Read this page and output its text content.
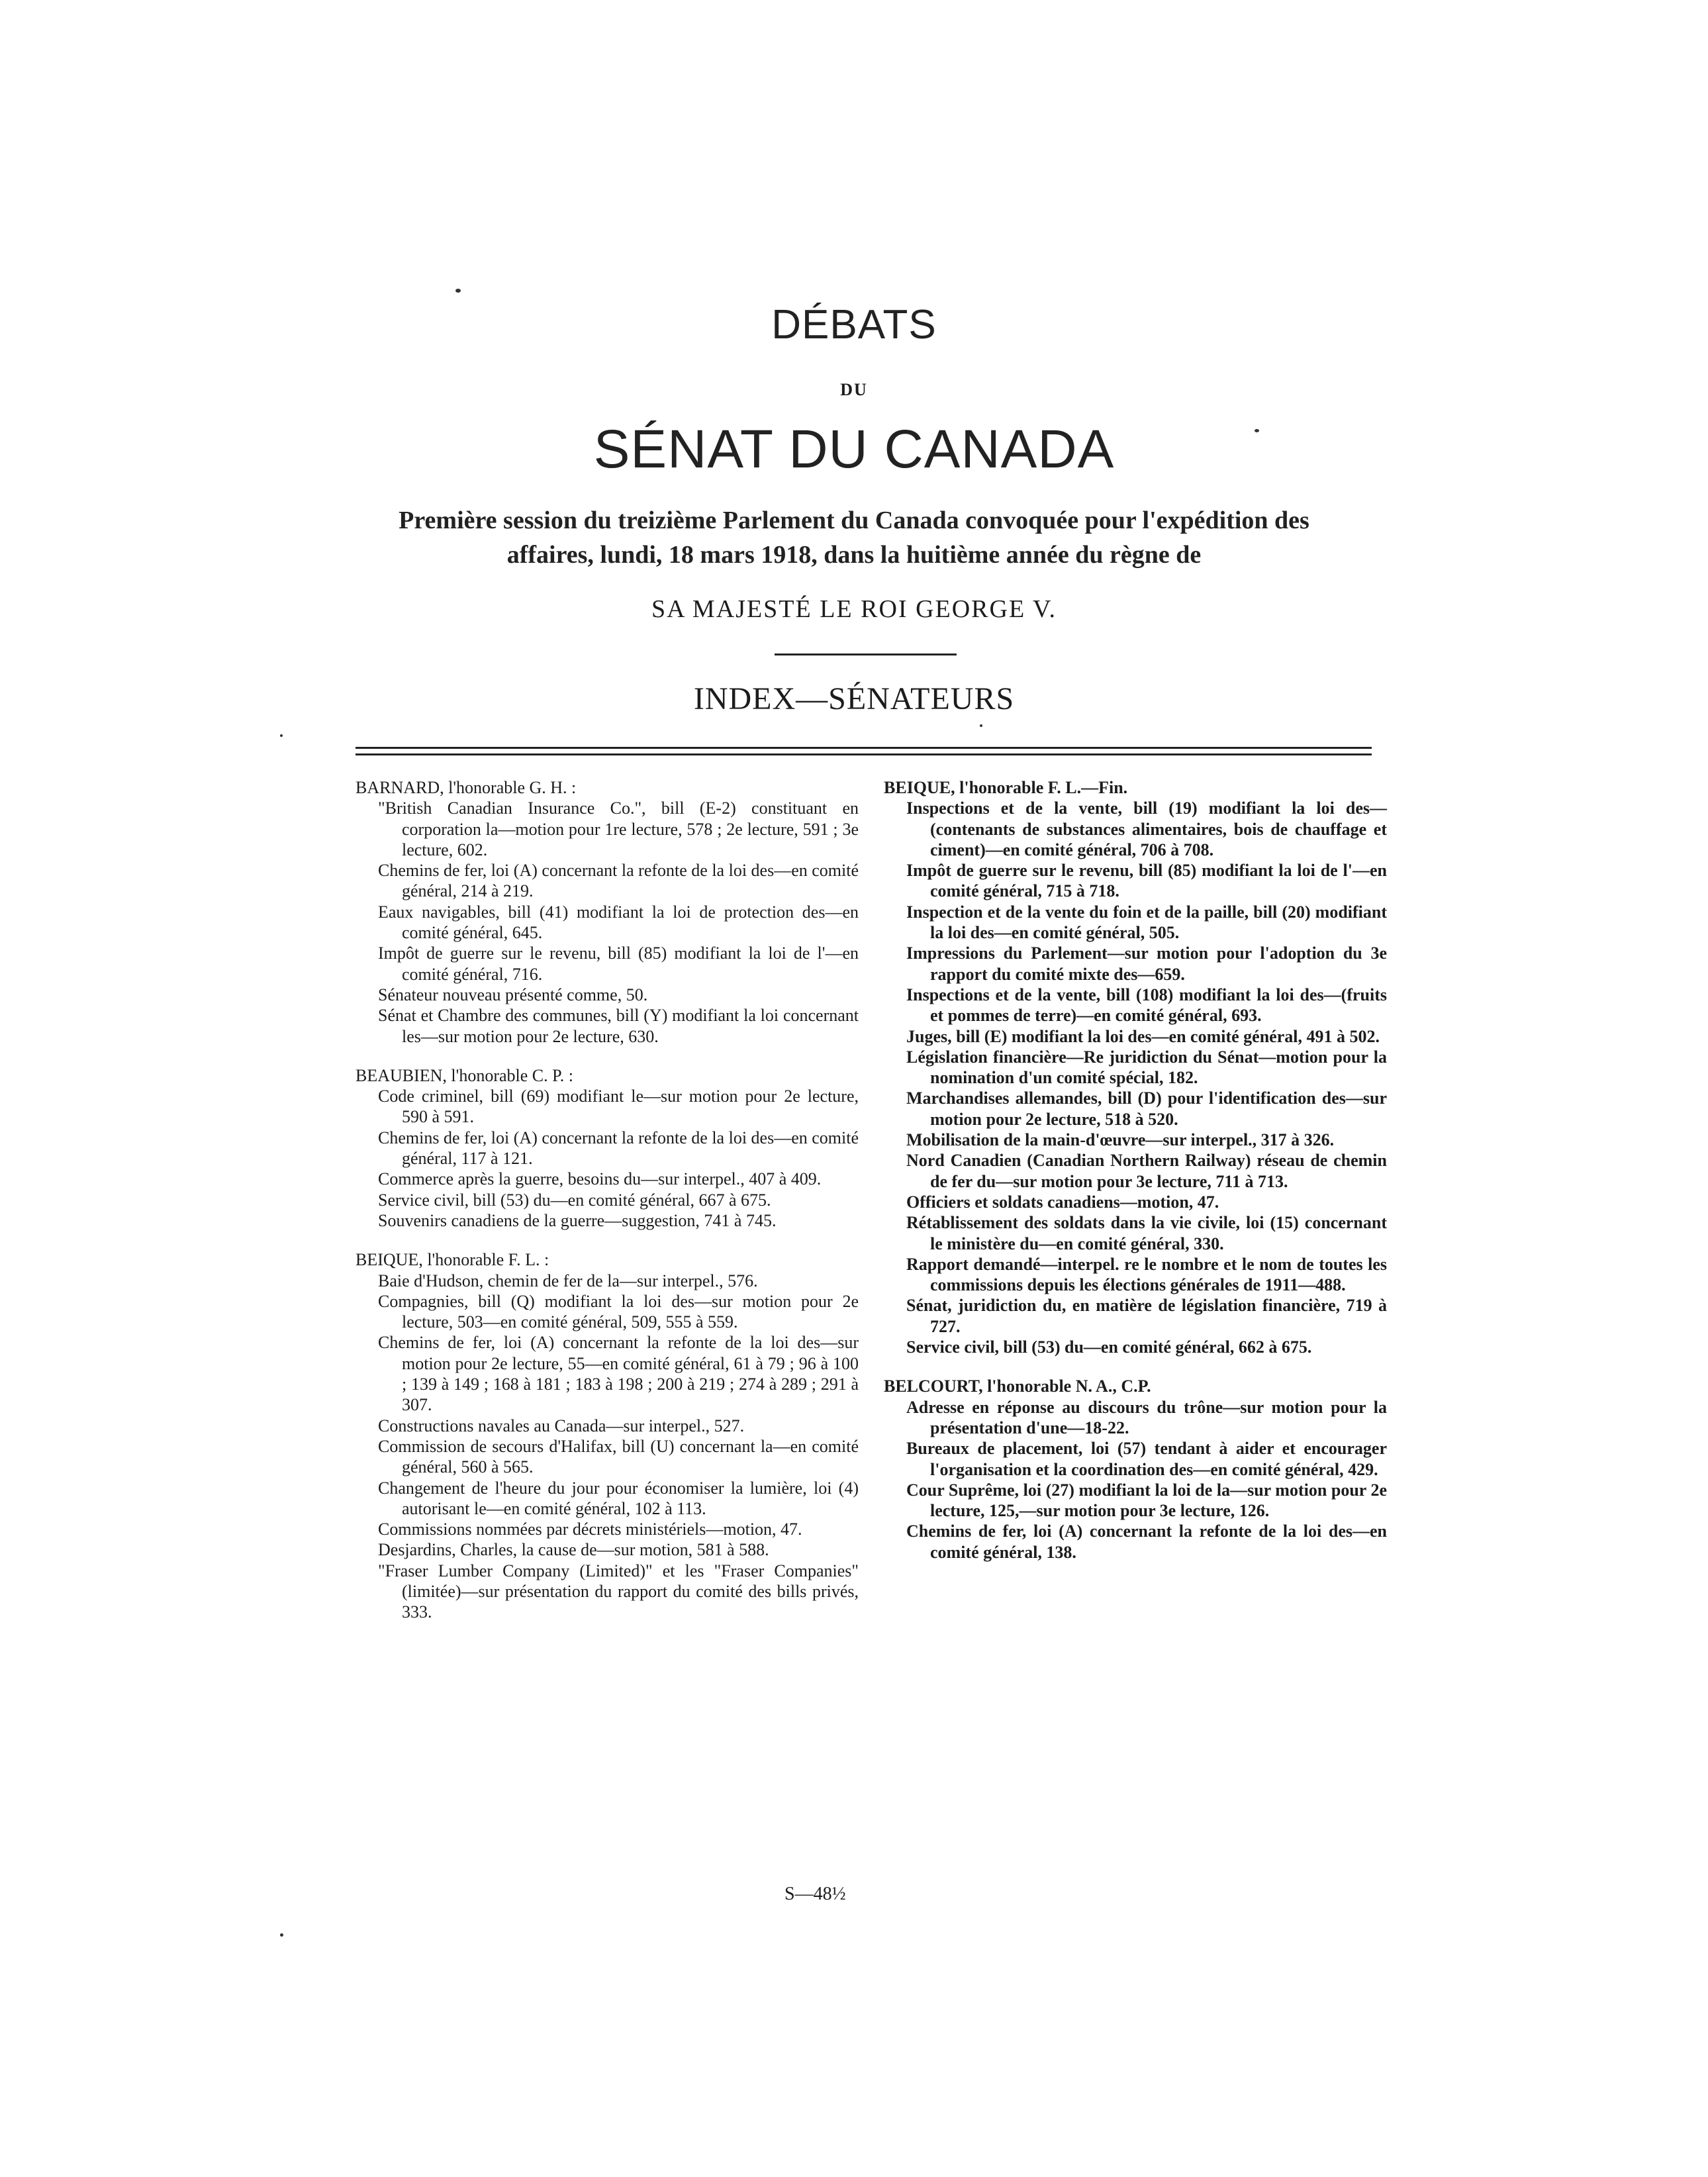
DÉBATS
DU
SÉNAT DU CANADA
Première session du treizième Parlement du Canada convoquée pour l'expédition des
affaires, lundi, 18 mars 1918, dans la huitième année du règne de
SA MAJESTÉ LE ROI GEORGE V.
INDEX—SÉNATEURS
BARNARD, l'honorable G. H. :
"British Canadian Insurance Co.", bill (E-2) constituant en corporation la—motion pour 1re lecture, 578 ; 2e lecture, 591 ; 3e lecture, 602.
Chemins de fer, loi (A) concernant la refonte de la loi des—en comité général, 214 à 219.
Eaux navigables, bill (41) modifiant la loi de protection des—en comité général, 645.
Impôt de guerre sur le revenu, bill (85) modifiant la loi de l'—en comité général, 716.
Sénateur nouveau présenté comme, 50.
Sénat et Chambre des communes, bill (Y) modifiant la loi concernant les—sur motion pour 2e lecture, 630.
BEAUBIEN, l'honorable C. P. :
Code criminel, bill (69) modifiant le—sur motion pour 2e lecture, 590 à 591.
Chemins de fer, loi (A) concernant la refonte de la loi des—en comité général, 117 à 121.
Commerce après la guerre, besoins du—sur interpel., 407 à 409.
Service civil, bill (53) du—en comité général, 667 à 675.
Souvenirs canadiens de la guerre—suggestion, 741 à 745.
BEIQUE, l'honorable F. L. :
Baie d'Hudson, chemin de fer de la—sur interpel., 576.
Compagnies, bill (Q) modifiant la loi des—sur motion pour 2e lecture, 503—en comité général, 509, 555 à 559.
Chemins de fer, loi (A) concernant la refonte de la loi des—sur motion pour 2e lecture, 55—en comité général, 61 à 79 ; 96 à 100 ; 139 à 149 ; 168 à 181 ; 183 à 198 ; 200 à 219 ; 274 à 289 ; 291 à 307.
Constructions navales au Canada—sur interpel., 527.
Commission de secours d'Halifax, bill (U) concernant la—en comité général, 560 à 565.
Changement de l'heure du jour pour économiser la lumière, loi (4) autorisant le—en comité général, 102 à 113.
Commissions nommées par décrets ministériels—motion, 47.
Desjardins, Charles, la cause de—sur motion, 581 à 588.
"Fraser Lumber Company (Limited)" et les "Fraser Companies" (limitée)—sur présentation du rapport du comité des bills privés, 333.
BEIQUE, l'honorable F. L.—Fin.
Inspections et de la vente, bill (19) modifiant la loi des—(contenants de substances alimentaires, bois de chauffage et ciment)—en comité général, 706 à 708.
Impôt de guerre sur le revenu, bill (85) modifiant la loi de l'—en comité général, 715 à 718.
Inspection et de la vente du foin et de la paille, bill (20) modifiant la loi des—en comité général, 505.
Impressions du Parlement—sur motion pour l'adoption du 3e rapport du comité mixte des—659.
Inspections et de la vente, bill (108) modifiant la loi des—(fruits et pommes de terre)—en comité général, 693.
Juges, bill (E) modifiant la loi des—en comité général, 491 à 502.
Législation financière—Re juridiction du Sénat—motion pour la nomination d'un comité spécial, 182.
Marchandises allemandes, bill (D) pour l'identification des—sur motion pour 2e lecture, 518 à 520.
Mobilisation de la main-d'œuvre—sur interpel., 317 à 326.
Nord Canadien (Canadian Northern Railway) réseau de chemin de fer du—sur motion pour 3e lecture, 711 à 713.
Officiers et soldats canadiens—motion, 47.
Rétablissement des soldats dans la vie civile, loi (15) concernant le ministère du—en comité général, 330.
Rapport demandé—interpel. re le nombre et le nom de toutes les commissions depuis les élections générales de 1911—488.
Sénat, juridiction du, en matière de législation financière, 719 à 727.
Service civil, bill (53) du—en comité général, 662 à 675.
BELCOURT, l'honorable N. A., C.P.
Adresse en réponse au discours du trône—sur motion pour la présentation d'une—18-22.
Bureaux de placement, loi (57) tendant à aider et encourager l'organisation et la coordination des—en comité général, 429.
Cour Suprême, loi (27) modifiant la loi de la—sur motion pour 2e lecture, 125,—sur motion pour 3e lecture, 126.
Chemins de fer, loi (A) concernant la refonte de la loi des—en comité général, 138.
S—48½
